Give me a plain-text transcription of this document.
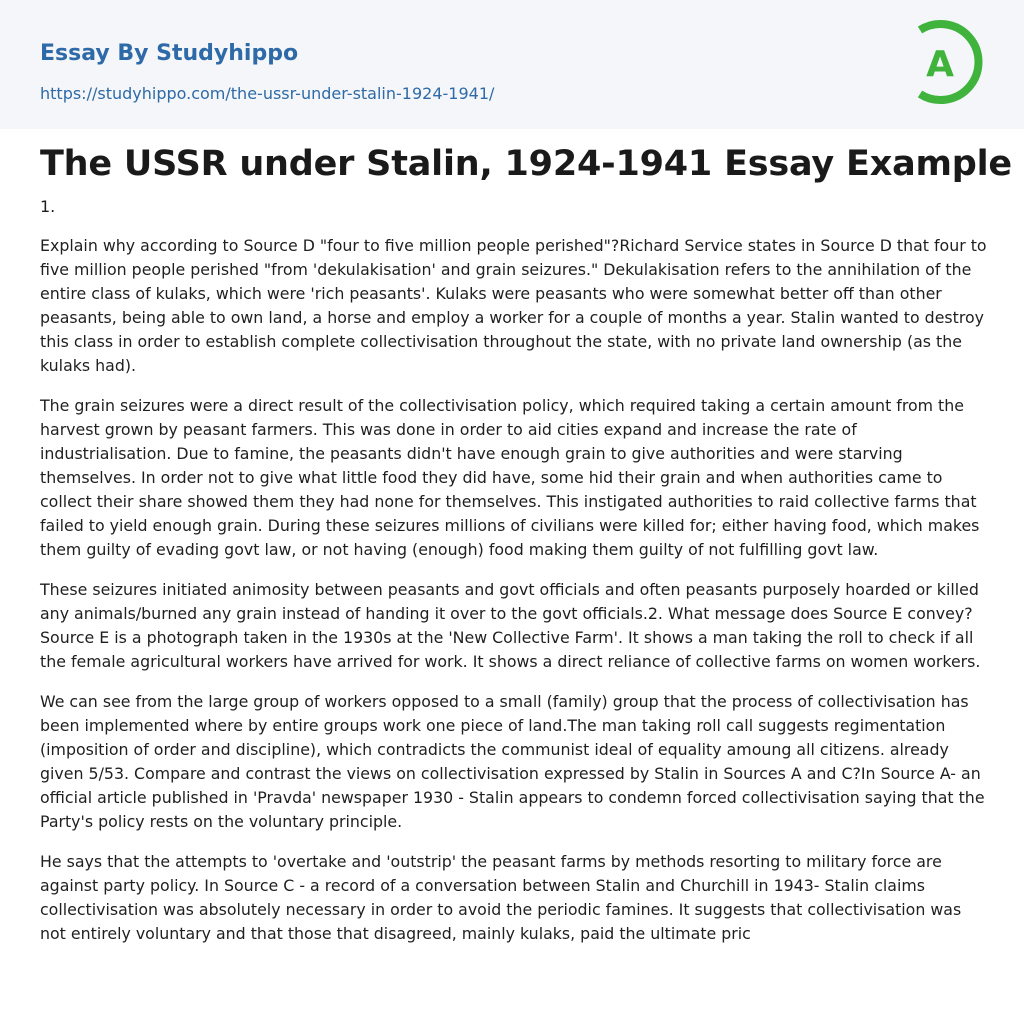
Essay By Studyhippo
https://studyhippo.com/the-ussr-under-stalin-1924-1941/
A
The USSR under Stalin, 1924-1941 Essay Example
1.

Explain why according to Source D "four to five million people perished"?Richard Service states in Source D that four to five million people perished "from 'dekulakisation' and grain seizures." Dekulakisation refers to the annihilation of the entire class of kulaks, which were 'rich peasants'. Kulaks were peasants who were somewhat better off than other peasants, being able to own land, a horse and employ a worker for a couple of months a year. Stalin wanted to destroy this class in order to establish complete collectivisation throughout the state, with no private land ownership (as the kulaks had).

The grain seizures were a direct result of the collectivisation policy, which required taking a certain amount from the harvest grown by peasant farmers. This was done in order to aid cities expand and increase the rate of industrialisation. Due to famine, the peasants didn't have enough grain to give authorities and were starving themselves. In order not to give what little food they did have, some hid their grain and when authorities came to collect their share showed them they had none for themselves. This instigated authorities to raid collective farms that failed to yield enough grain. During these seizures millions of civilians were killed for; either having food, which makes them guilty of evading govt law, or not having (enough) food making them guilty of not fulfilling govt law.

These seizures initiated animosity between peasants and govt officials and often peasants purposely hoarded or killed any animals/burned any grain instead of handing it over to the govt officials.2. What message does Source E convey?Source E is a photograph taken in the 1930s at the 'New Collective Farm'. It shows a man taking the roll to check if all the female agricultural workers have arrived for work. It shows a direct reliance of collective farms on women workers.

We can see from the large group of workers opposed to a small (family) group that the process of collectivisation has been implemented where by entire groups work one piece of land.The man taking roll call suggests regimentation (imposition of order and discipline), which contradicts the communist ideal of equality amoung all citizens. already given 5/53. Compare and contrast the views on collectivisation expressed by Stalin in Sources A and C?In Source A- an official article published in 'Pravda' newspaper 1930 - Stalin appears to condemn forced collectivisation saying that the Party's policy rests on the voluntary principle.

He says that the attempts to 'overtake and 'outstrip' the peasant farms by methods resorting to military force are against party policy. In Source C - a record of a conversation between Stalin and Churchill in 1943- Stalin claims collectivisation was absolutely necessary in order to avoid the periodic famines. It suggests that collectivisation was not entirely voluntary and that those that disagreed, mainly kulaks, paid the ultimate pric
